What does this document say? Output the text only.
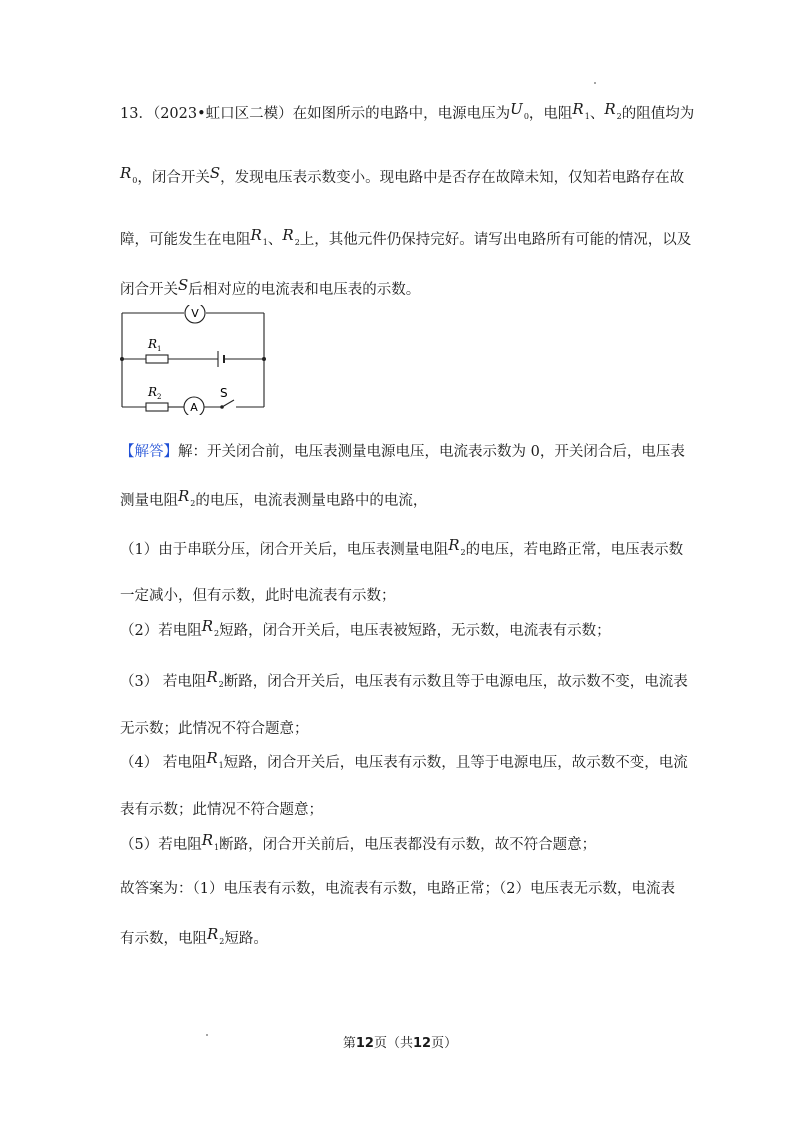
13．（2023•虹口区二模）在如图所示的电路中，电源电压为$U_0$，电阻$R_1$、$R_2$的阻值均为
$R_0$，闭合开关S，发现电压表示数变小。现电路中是否存在故障未知，仅知若电路存在故
障，可能发生在电阻$R_1$、$R_2$上，其他元件仍保持完好。请写出电路所有可能的情况，以及
闭合开关S后相对应的电流表和电压表的示数。
V
$R_1$
$R_2$
A
S
【解答】解：开关闭合前，电压表测量电源电压，电流表示数为 0，开关闭合后，电压表
测量电阻$R_2$的电压，电流表测量电路中的电流，
（1）由于串联分压，闭合开关后，电压表测量电阻$R_2$的电压，若电路正常，电压表示数
一定减小，但有示数，此时电流表有示数；
（2）若电阻$R_2$短路，闭合开关后，电压表被短路，无示数，电流表有示数；
（3） 若电阻$R_2$断路，闭合开关后，电压表有示数且等于电源电压，故示数不变，电流表
无示数；此情况不符合题意；
（4） 若电阻$R_1$短路，闭合开关后，电压表有示数，且等于电源电压，故示数不变，电流
表有示数；此情况不符合题意；
（5）若电阻$R_1$断路，闭合开关前后，电压表都没有示数，故不符合题意；
故答案为：（1）电压表有示数，电流表有示数，电路正常；（2）电压表无示数，电流表
有示数，电阻$R_2$短路。
第12页（共12页）
